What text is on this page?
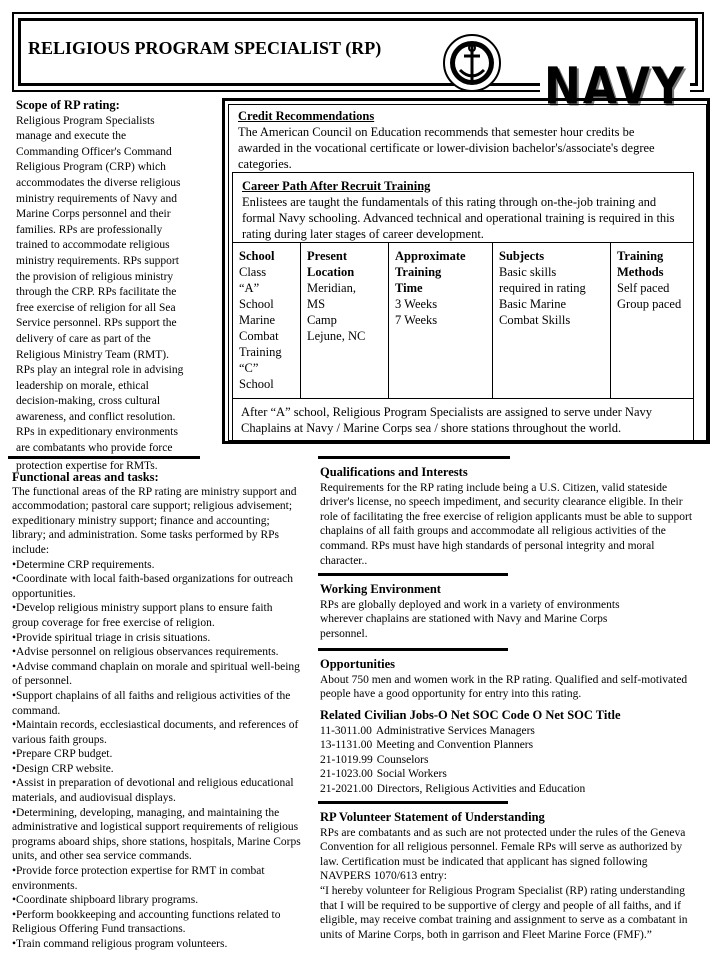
RELIGIOUS PROGRAM SPECIALIST (RP)
NAVY
Scope of RP rating:
Religious Program Specialists
manage and execute the
Commanding Officer's Command
Religious Program (CRP) which
accommodates the diverse religious
ministry requirements of Navy and
Marine Corps personnel and their
families. RPs are professionally
trained to accommodate religious
ministry requirements. RPs support
the provision of religious ministry
through the CRP. RPs facilitate the
free exercise of religion for all Sea
Service personnel. RPs support the
delivery of care as part of the
Religious Ministry Team (RMT).
RPs play an integral role in advising
leadership on morale, ethical
decision-making, cross cultural
awareness, and conflict resolution.
RPs in expeditionary environments
are combatants who provide force
protection expertise for RMTs.
Credit Recommendations

The American Council on Education recommends that semester hour credits be awarded in the vocational certificate or lower-division bachelor's/associate's degree categories.

Career Path After Recruit Training

Enlistees are taught the fundamentals of this rating through on-the-job training and formal Navy schooling. Advanced technical and operational training is required in this rating during later stages of career development.

School
Class
“A”
School
Marine
Combat
Training
“C”
School
Present
Location
Meridian,
MS
Camp
Lejune, NC
Approximate
Training
Time
3 Weeks
7 Weeks
Subjects
Basic skills
required in rating
Basic Marine
Combat Skills
Training
Methods
Self paced
Group paced
After “A” school, Religious Program Specialists are assigned to serve under Navy Chaplains at Navy / Marine Corps sea / shore stations throughout the world.
Functional areas and tasks:

The functional areas of the RP rating are ministry support and accommodation; pastoral care support; religious advisement; expeditionary ministry support; finance and accounting; library; and administration. Some tasks performed by RPs include:

•Determine CRP requirements.
•Coordinate with local faith-based organizations for outreach opportunities.
•Develop religious ministry support plans to ensure faith group coverage for free exercise of religion.
•Provide spiritual triage in crisis situations.
•Advise personnel on religious observances requirements.
•Advise command chaplain on morale and spiritual well-being of personnel.
•Support chaplains of all faiths and religious activities of the command.
•Maintain records, ecclesiastical documents, and references of various faith groups.
•Prepare CRP budget.
•Design CRP website.
•Assist in preparation of devotional and religious educational materials, and audiovisual displays.
•Determining, developing, managing, and maintaining the administrative and logistical support requirements of religious programs aboard ships, shore stations, hospitals, Marine Corps units, and other sea service commands.
•Provide force protection expertise for RMT in combat environments.
•Coordinate shipboard library programs.
•Perform bookkeeping and accounting functions related to Religious Offering Fund transactions.
•Train command religious program volunteers.
Qualifications and Interests

Requirements for the RP rating include being a U.S. Citizen, valid stateside driver's license, no speech impediment, and security clearance eligible. In their role of facilitating the free exercise of religion applicants must be able to support chaplains of all faith groups and accommodate all religious activities of the command. RPs must have high standards of personal integrity and moral character..

Working Environment

RPs are globally deployed and work in a variety of environments wherever chaplains are stationed with Navy and Marine Corps personnel.

Opportunities

About 750 men and women work in the RP rating. Qualified and self-motivated people have a good opportunity for entry into this rating.

Related Civilian Jobs-O Net SOC Code O Net SOC Title
11-3011.00 Administrative Services Managers
13-1131.00 Meeting and Convention Planners
21-1019.99 Counselors
21-1023.00 Social Workers
21-2021.00 Directors, Religious Activities and Education
RP Volunteer Statement of Understanding

RPs are combatants and as such are not protected under the rules of the Geneva Convention for all religious personnel. Female RPs will serve as authorized by law. Certification must be indicated that applicant has signed following NAVPERS 1070/613 entry:

“I hereby volunteer for Religious Program Specialist (RP) rating understanding that I will be required to be supportive of clergy and people of all faiths, and if eligible, may receive combat training and assignment to serve as a combatant in units of Marine Corps, both in garrison and Fleet Marine Force (FMF).”
